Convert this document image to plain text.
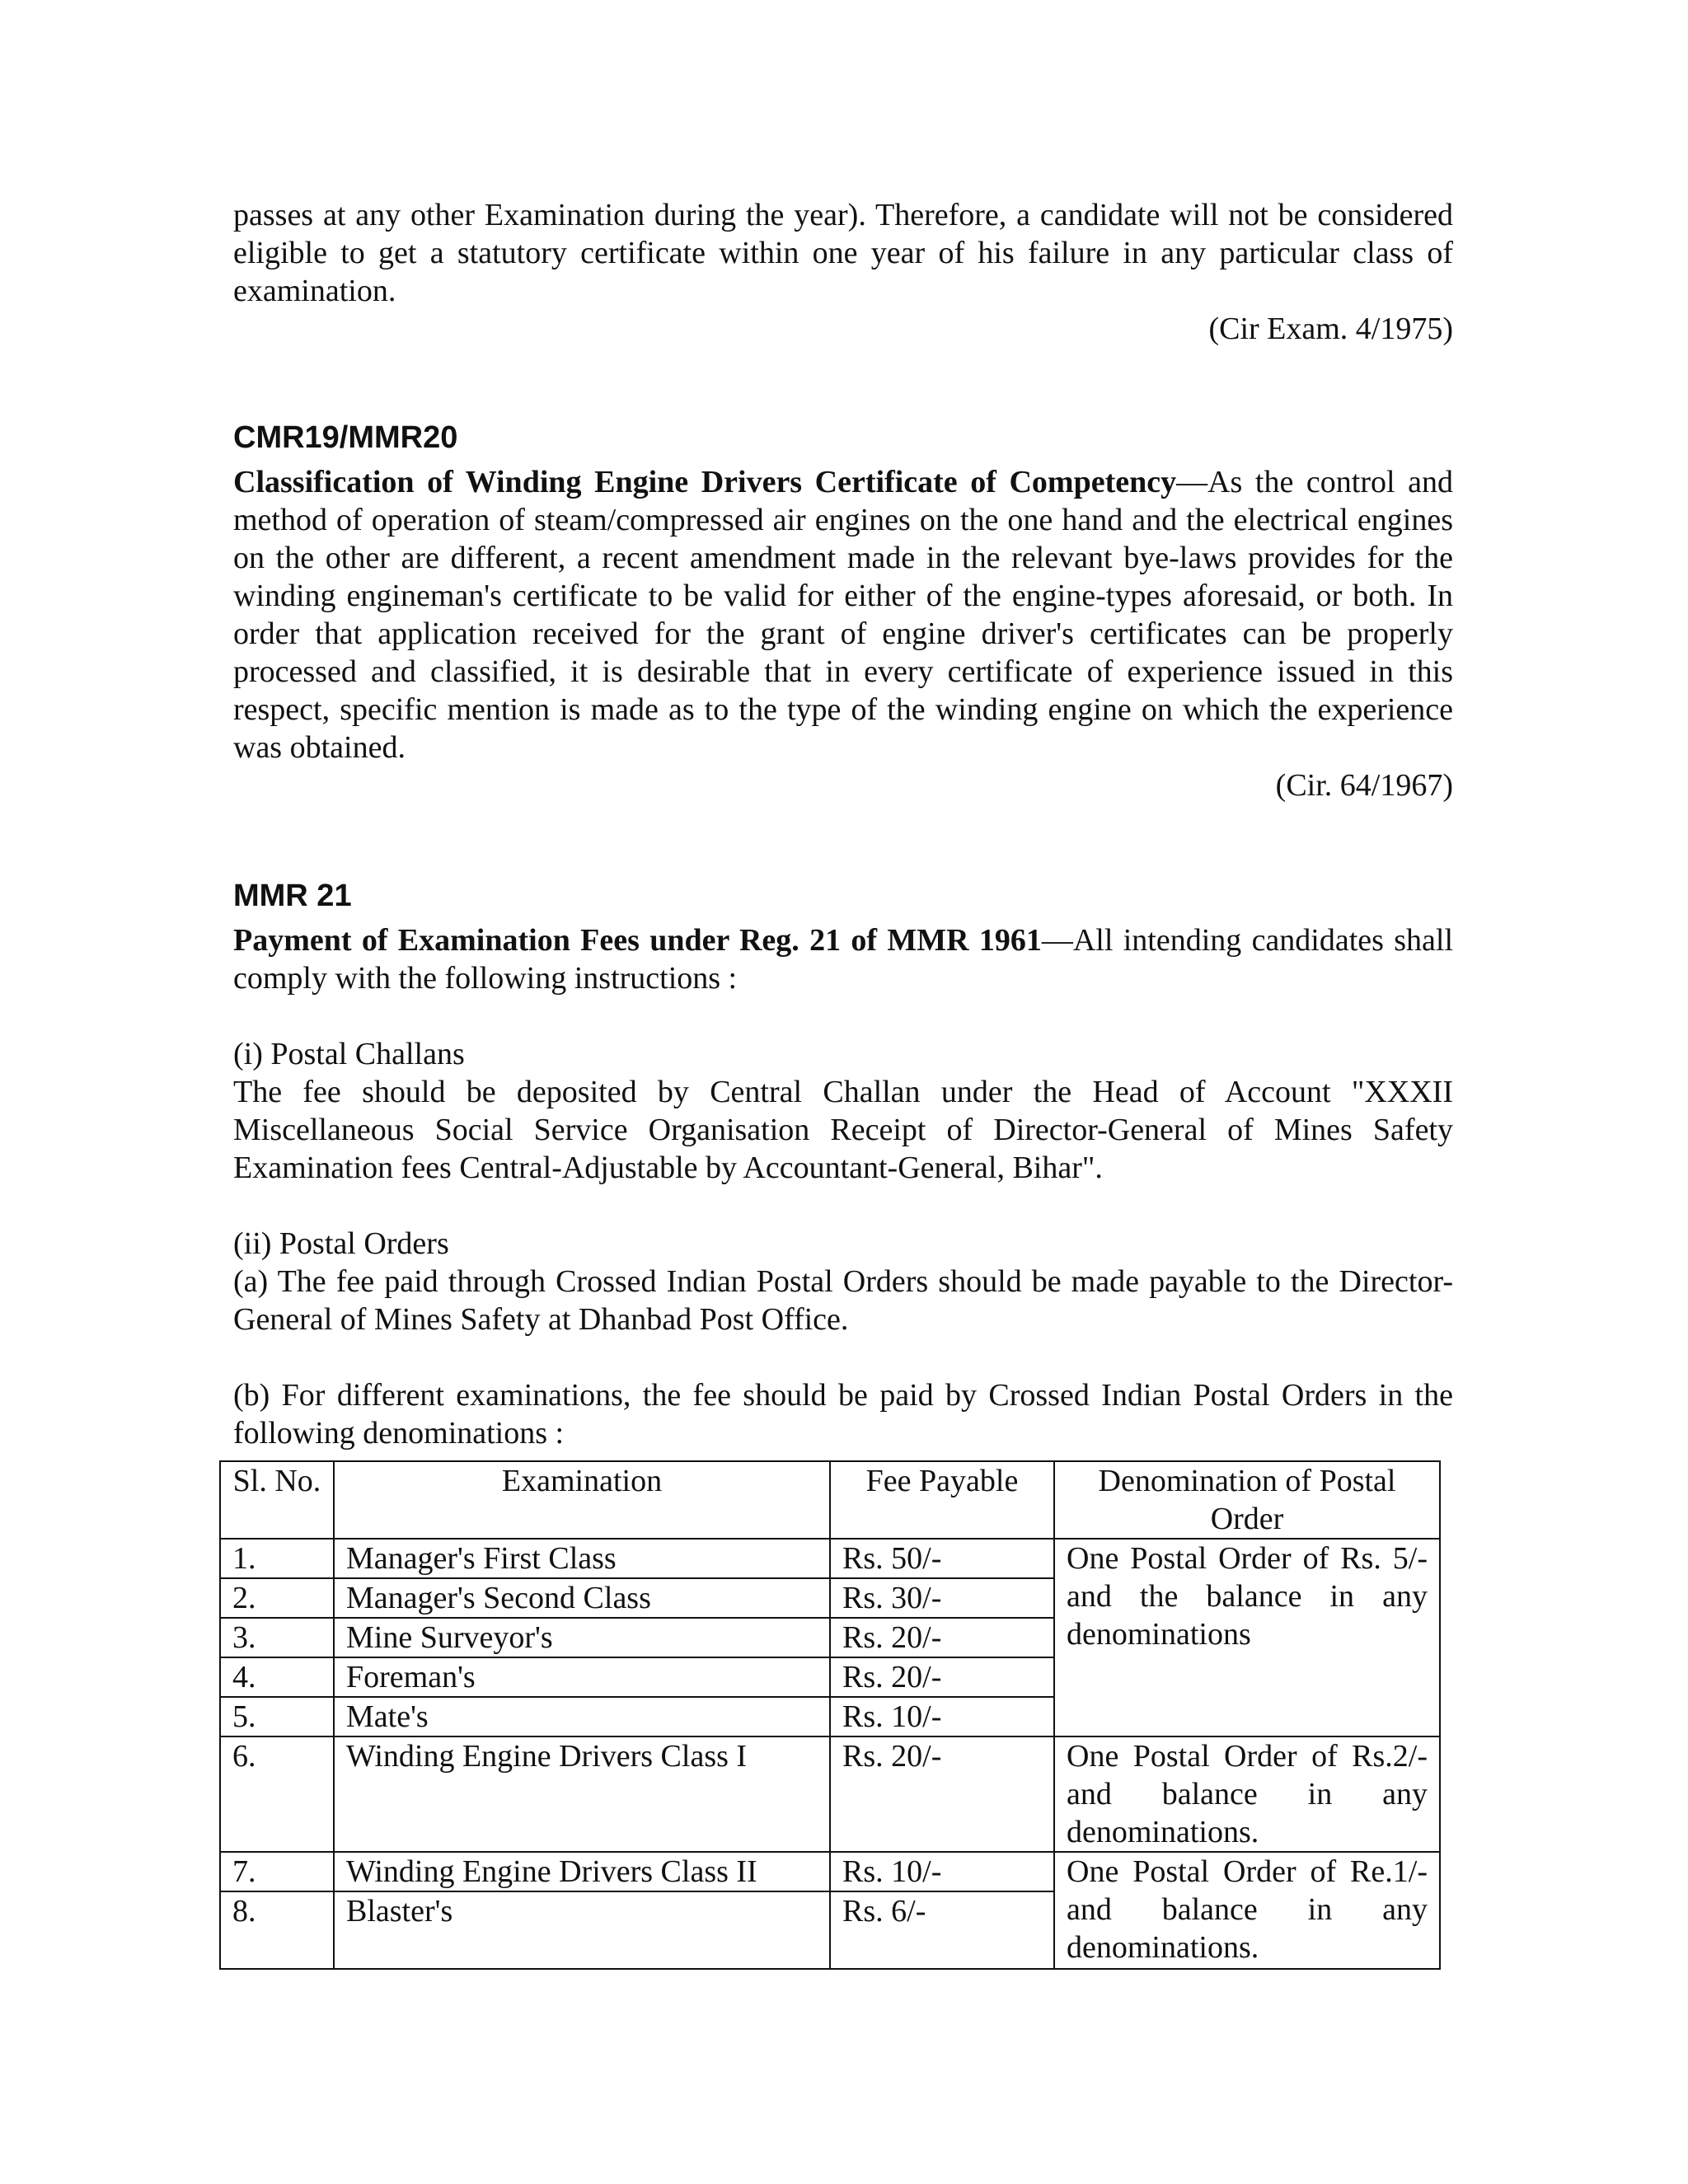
passes at any other Examination during the year). Therefore, a candidate will not be considered eligible to get a statutory certificate within one year of his failure in any particular class of examination.

(Cir Exam. 4/1975)
CMR19/MMR20

Classification of Winding Engine Drivers Certificate of Competency—As the control and method of operation of steam/compressed air engines on the one hand and the electrical engines on the other are different, a recent amendment made in the relevant bye-laws provides for the winding engineman's certificate to be valid for either of the engine-types aforesaid, or both. In order that application received for the grant of engine driver's certificates can be properly processed and classified, it is desirable that in every certificate of experience issued in this respect, specific mention is made as to the type of the winding engine on which the experience was obtained.

(Cir. 64/1967)
MMR 21

Payment of Examination Fees under Reg. 21 of MMR 1961—All intending candidates shall comply with the following instructions :

(i) Postal Challans

The fee should be deposited by Central Challan under the Head of Account "XXXII Miscellaneous Social Service Organisation Receipt of Director-General of Mines Safety Examination fees Central-Adjustable by Accountant-General, Bihar".

(ii) Postal Orders

(a) The fee paid through Crossed Indian Postal Orders should be made payable to the Director-General of Mines Safety at Dhanbad Post Office.

(b) For different examinations, the fee should be paid by Crossed Indian Postal Orders in the following denominations :

Sl. No.	Examination	Fee Payable	Denomination of Postal Order
1.	Manager's First Class	Rs. 50/-	One Postal Order of Rs. 5/-and the balance in any denominations
2.	Manager's Second Class	Rs. 30/-	
3.	Mine Surveyor's	Rs. 20/-	
4.	Foreman's	Rs. 20/-	
5.	Mate's	Rs. 10/-	
6.	Winding Engine Drivers Class I	Rs. 20/-	One Postal Order of Rs.2/- and balance in any denominations.
7.	Winding Engine Drivers Class II	Rs. 10/-	One Postal Order of Re.1/- and balance in any denominations.
8.	Blaster's	Rs. 6/-	
